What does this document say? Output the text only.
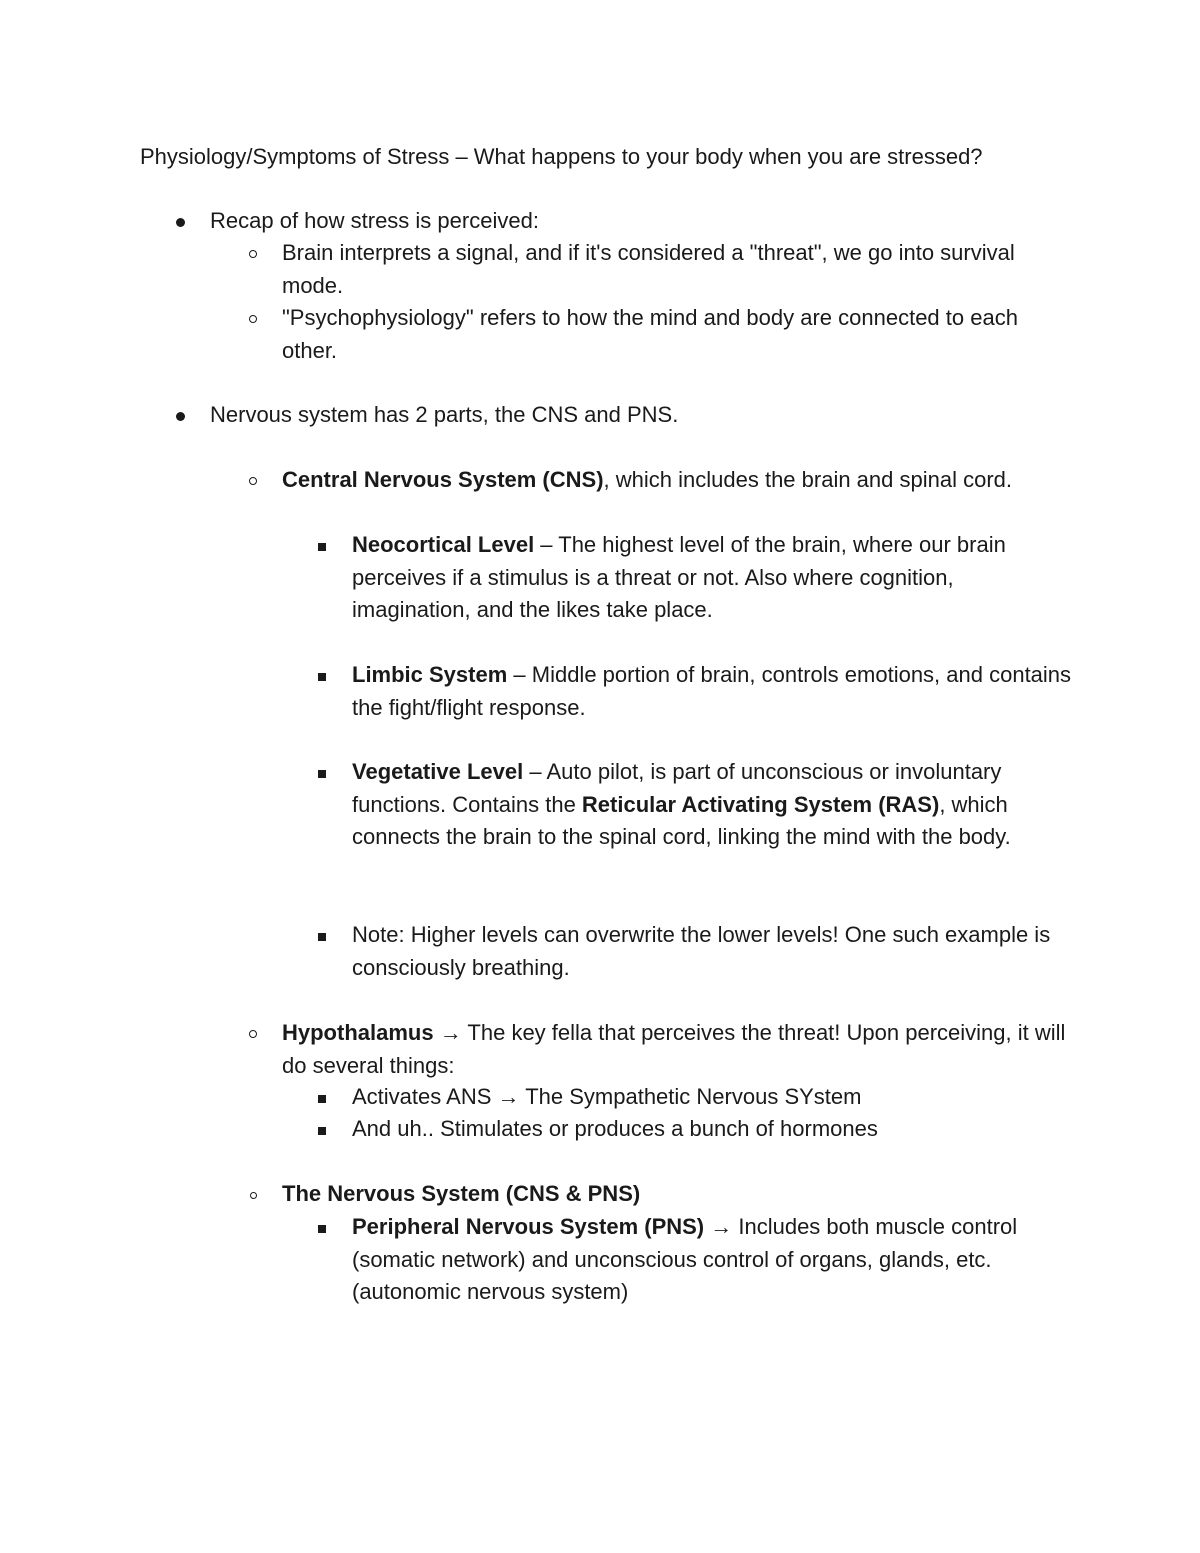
Physiology/Symptoms of Stress – What happens to your body when you are stressed?
Recap of how stress is perceived:
Brain interprets a signal, and if it's considered a "threat", we go into survival mode.
"Psychophysiology" refers to how the mind and body are connected to each other.
Nervous system has 2 parts, the CNS and PNS.
Central Nervous System (CNS), which includes the brain and spinal cord.
Neocortical Level – The highest level of the brain, where our brain perceives if a stimulus is a threat or not. Also where cognition, imagination, and the likes take place.
Limbic System – Middle portion of brain, controls emotions, and contains the fight/flight response.
Vegetative Level – Auto pilot, is part of unconscious or involuntary functions. Contains the Reticular Activating System (RAS), which connects the brain to the spinal cord, linking the mind with the body.
Note: Higher levels can overwrite the lower levels! One such example is consciously breathing.
Hypothalamus → The key fella that perceives the threat! Upon perceiving, it will do several things:
Activates ANS → The Sympathetic Nervous SYstem
And uh.. Stimulates or produces a bunch of hormones
The Nervous System (CNS & PNS)
Peripheral Nervous System (PNS) → Includes both muscle control (somatic network) and unconscious control of organs, glands, etc. (autonomic nervous system)
